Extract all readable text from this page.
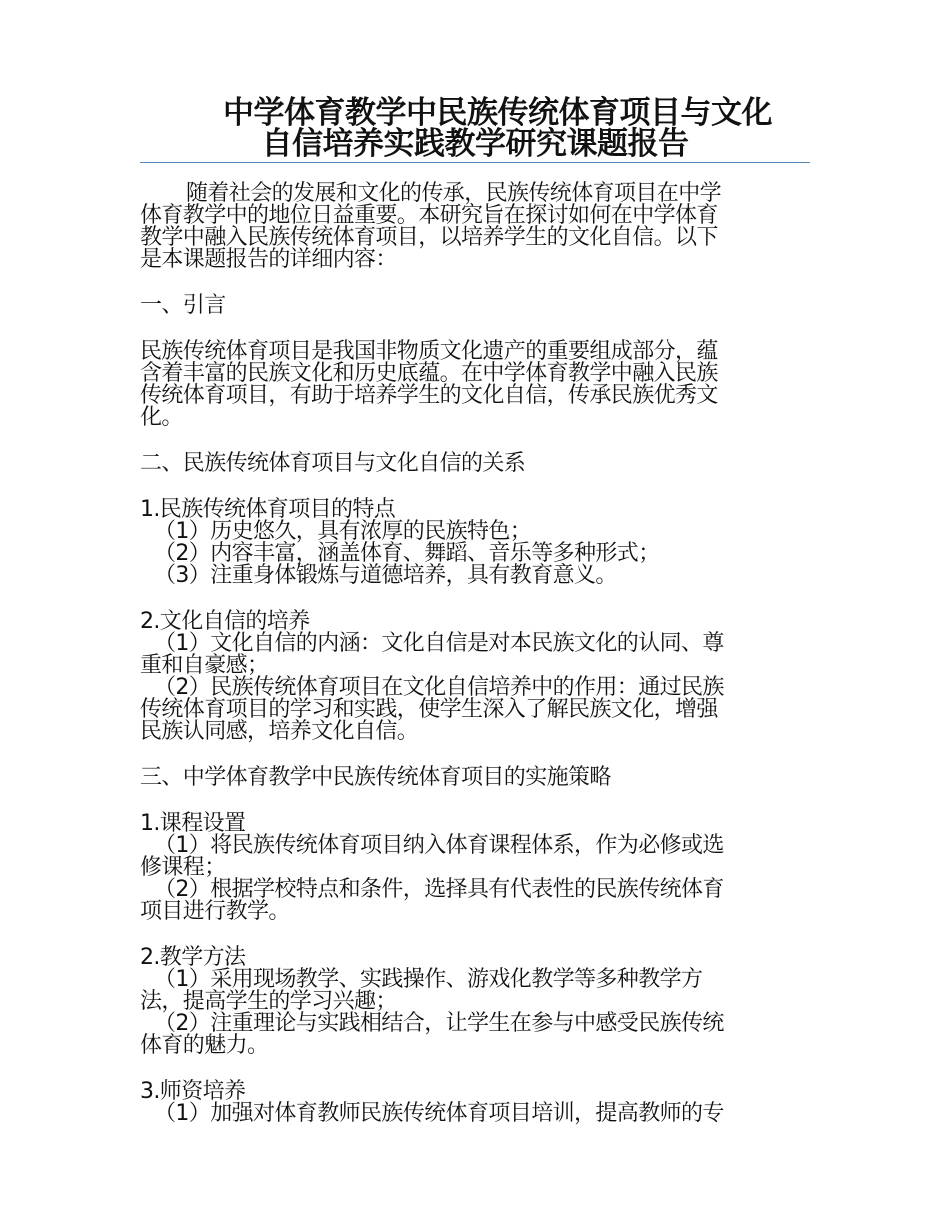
中学体育教学中民族传统体育项目与文化
自信培养实践教学研究课题报告
随着社会的发展和文化的传承，民族传统体育项目在中学
体育教学中的地位日益重要。本研究旨在探讨如何在中学体育
教学中融入民族传统体育项目，以培养学生的文化自信。以下
是本课题报告的详细内容：
一、引言
民族传统体育项目是我国非物质文化遗产的重要组成部分，蕴
含着丰富的民族文化和历史底蕴。在中学体育教学中融入民族
传统体育项目，有助于培养学生的文化自信，传承民族优秀文
化。
二、民族传统体育项目与文化自信的关系
1.民族传统体育项目的特点
（1）历史悠久，具有浓厚的民族特色；
（2）内容丰富，涵盖体育、舞蹈、音乐等多种形式；
（3）注重身体锻炼与道德培养，具有教育意义。
2.文化自信的培养
（1）文化自信的内涵：文化自信是对本民族文化的认同、尊
重和自豪感；
（2）民族传统体育项目在文化自信培养中的作用：通过民族
传统体育项目的学习和实践，使学生深入了解民族文化，增强
民族认同感，培养文化自信。
三、中学体育教学中民族传统体育项目的实施策略
1.课程设置
（1）将民族传统体育项目纳入体育课程体系，作为必修或选
修课程；
（2）根据学校特点和条件，选择具有代表性的民族传统体育
项目进行教学。
2.教学方法
（1）采用现场教学、实践操作、游戏化教学等多种教学方
法，提高学生的学习兴趣；
（2）注重理论与实践相结合，让学生在参与中感受民族传统
体育的魅力。
3.师资培养
（1）加强对体育教师民族传统体育项目培训，提高教师的专
